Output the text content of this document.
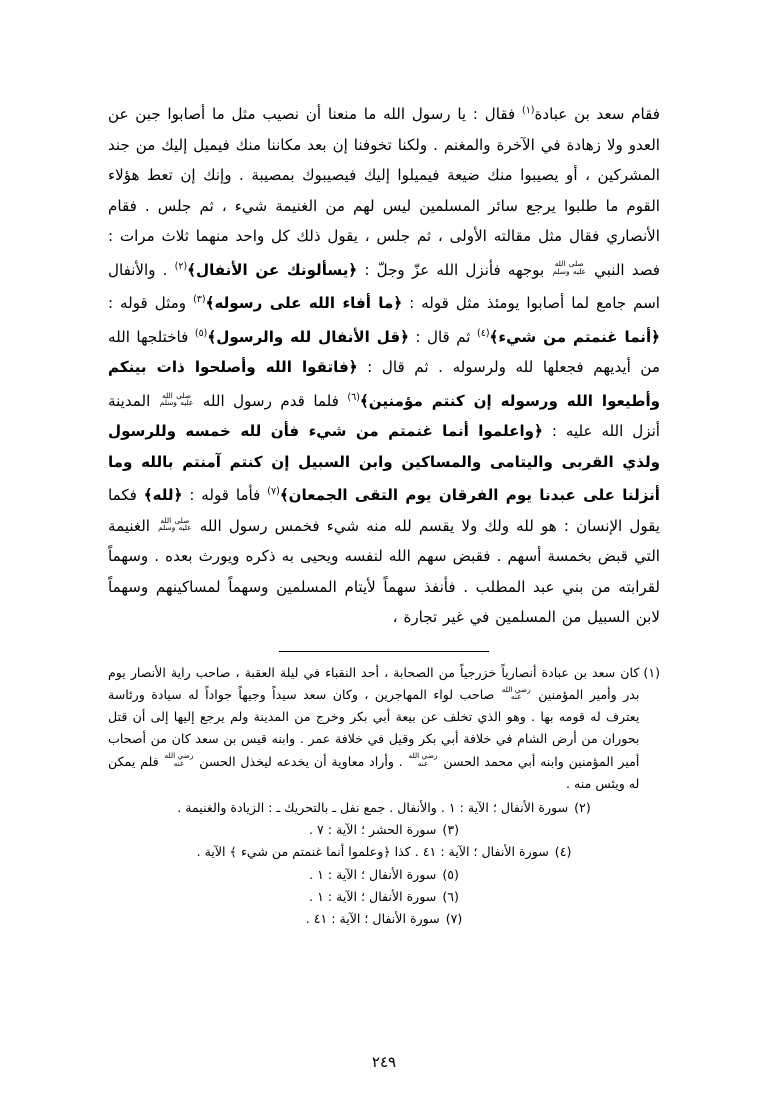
فقام سعد بن عبادة$^{(١)}$ فقال : يا رسول الله ما منعنا أن نصيب مثل ما أصابوا جبن عن العدو ولا زهادة في الآخرة والمغنم . ولكنا تخوفنا إن بعد مكاننا منك فيميل إليك من جند المشركين ، أو يصيبوا منك ضيعة فيميلوا إليك فيصيبوك بمصيبة . وإنك إن تعط هؤلاء القوم ما طلبوا يرجع سائر المسلمين ليس لهم من الغنيمة شيء ، ثم جلس . فقام الأنصاري فقال مثل مقالته الأولى ، ثم جلس ، يقول ذلك كل واحد منهما ثلاث مرات : فصد النبي
صلى الله
عليه وسلم
بوجهه فأنزل الله عزّ وجلّ : ﴿يسألونك عن الأنفال﴾$^{(٢)}$ . والأنفال اسم جامع لما أصابوا يومئذ مثل قوله : ﴿ما أفاء الله على رسوله﴾$^{(٣)}$ ومثل قوله : ﴿أنما غنمتم من شيء﴾$^{(٤)}$ ثم قال : ﴿قل الأنفال لله والرسول﴾$^{(٥)}$ فاختلجها الله من أيديهم فجعلها لله ولرسوله . ثم قال : ﴿فاتقوا الله وأصلحوا ذات بينكم وأطيعوا الله ورسوله إن كنتم مؤمنين﴾$^{(٦)}$ فلما قدم رسول الله
صلى الله
عليه وسلم
المدينة أنزل الله عليه : ﴿واعلموا أنما غنمتم من شيء فأن لله خمسه وللرسول ولذي القربى واليتامى والمساكين وابن السبيل إن كنتم آمنتم بالله وما أنزلنا على عبدنا يوم الفرقان يوم التقى الجمعان﴾$^{(٧)}$ فأما قوله : ﴿لله﴾ فكما يقول الإنسان : هو لله ولك ولا يقسم لله منه شيء فخمس رسول الله
صلى الله
عليه وسلم
الغنيمة التي قبض بخمسة أسهم . فقبض سهم الله لنفسه ويحيى به ذكره ويورث بعده . وسهماً لقرابته من بني عبد المطلب . فأنفذ سهماً لأيتام المسلمين وسهماً لمساكينهم وسهماً لابن السبيل من المسلمين في غير تجارة ،

(١)
كان سعد بن عبادة أنصارياً خزرجياً من الصحابة ، أحد النقباء في ليلة العقبة ، صاحب راية الأنصار يوم بدر وأمير المؤمنين
رضي الله
عنه
صاحب لواء المهاجرين ، وكان سعد سيداً وجيهاً جواداً له سيادة ورئاسة يعترف له قومه بها . وهو الذي تخلف عن بيعة أبي بكر وخرج من المدينة ولم يرجع إليها إلى أن قتل بحوران من أرض الشام في خلافة أبي بكر وقيل في خلافة عمر . وابنه قيس بن سعد كان من أصحاب أمير المؤمنين وابنه أبي محمد الحسن
رضي الله
عنه
. وأراد معاوية أن يخدعه ليخذل الحسن
رضي الله
عنه
فلم يمكن له ويئس منه .
(٢)
سورة الأنفال ؛ الآية : ١ . والأنفال . جمع نفل ـ بالتحريك ـ : الزيادة والغنيمة .
(٣)
سورة الحشر ؛ الآية : ٧ .
(٤)
سورة الأنفال ؛ الآية : ٤١ . كذا ﴿وعلموا أنما غنمتم من شيء ﴾ الآية .
(٥)
سورة الأنفال ؛ الآية : ١ .
(٦)
سورة الأنفال ؛ الآية : ١ .
(٧)
سورة الأنفال ؛ الآية : ٤١ .
٢٤٩
